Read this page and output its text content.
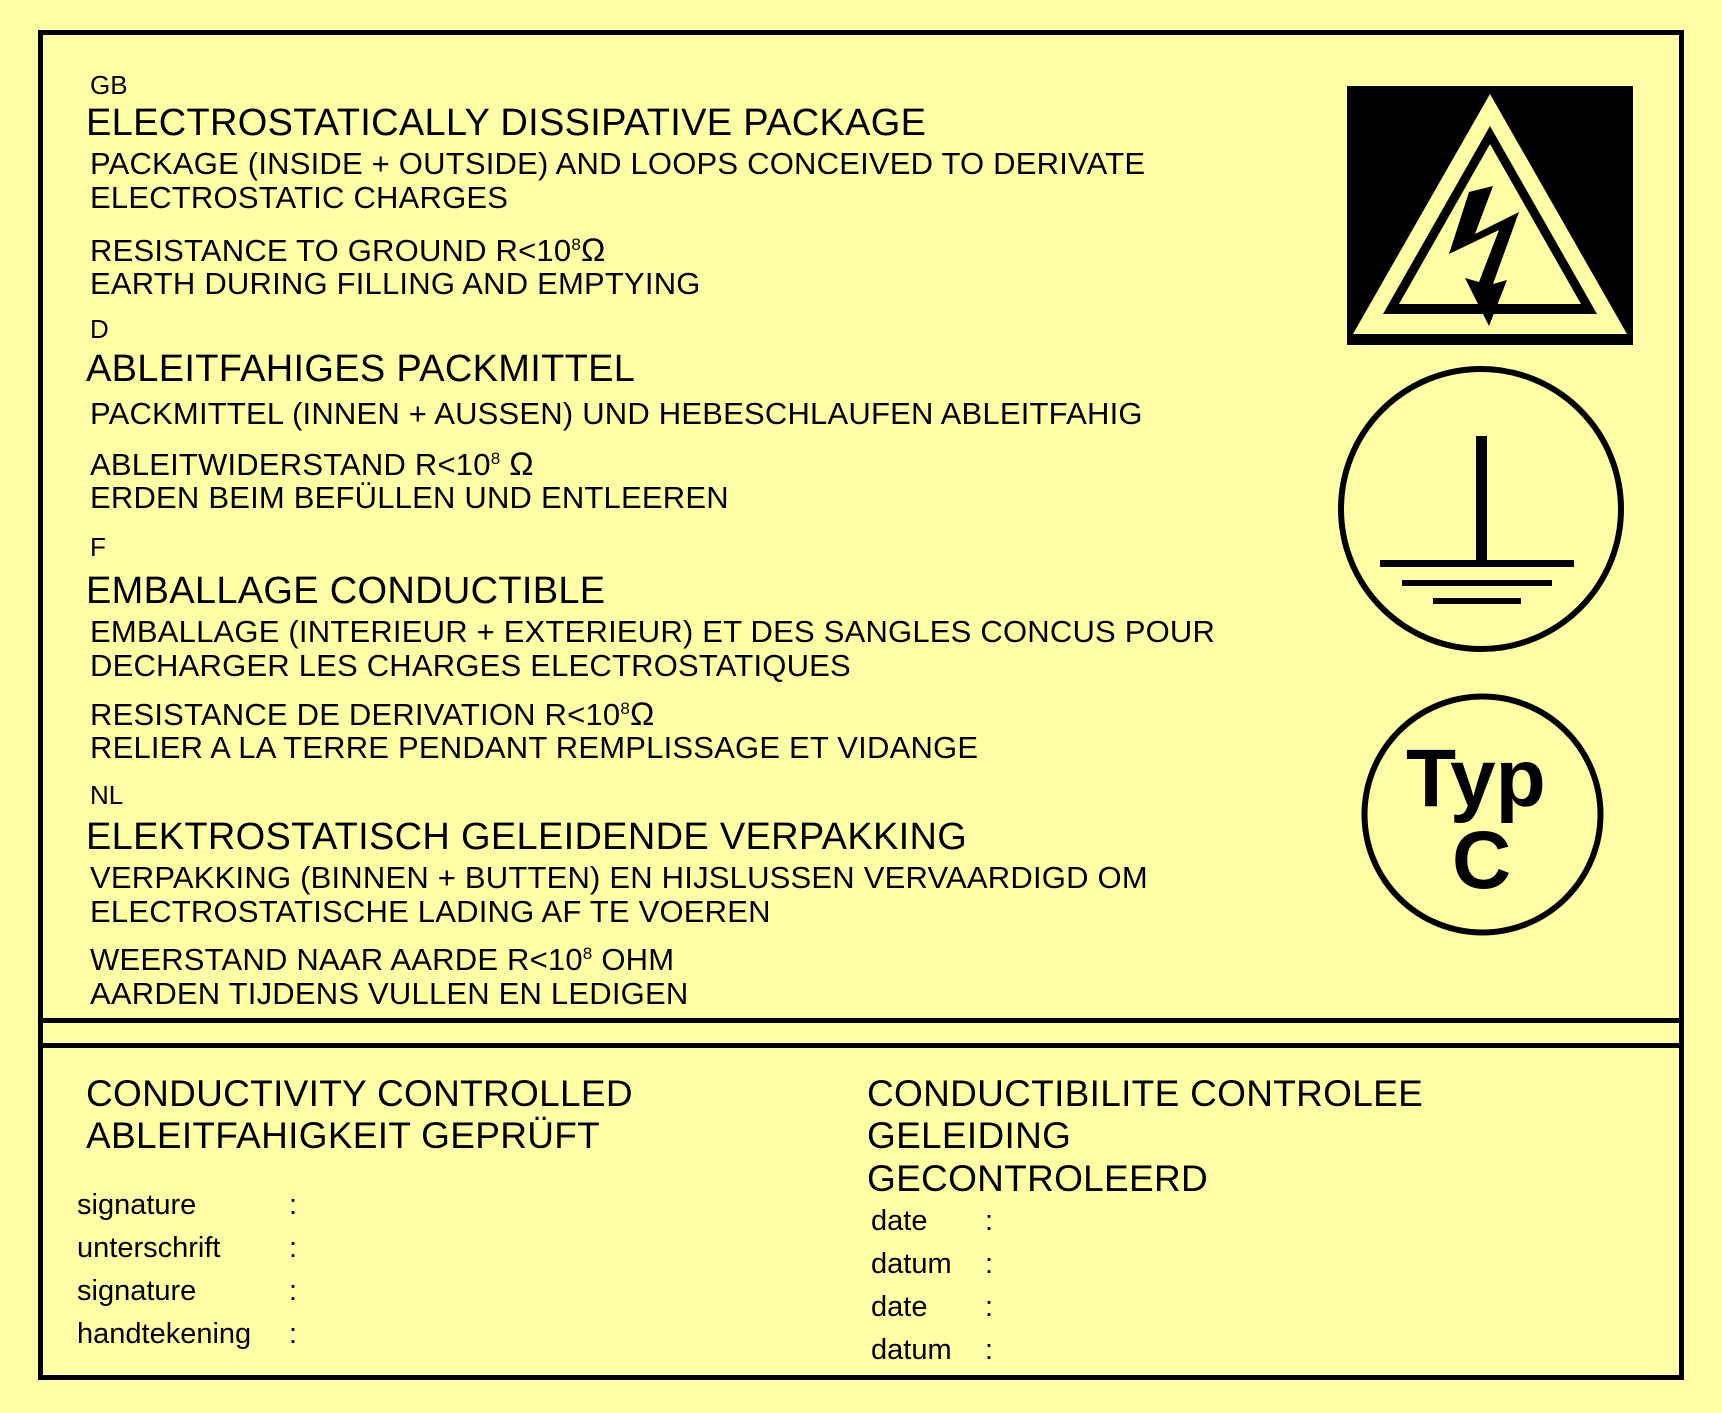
GB
ELECTROSTATICALLY DISSIPATIVE PACKAGE
PACKAGE (INSIDE + OUTSIDE) AND LOOPS CONCEIVED TO DERIVATE
ELECTROSTATIC CHARGES
RESISTANCE TO GROUND $R<10^8\Omega$
EARTH DURING FILLING AND EMPTYING
D
ABLEITFAHIGES PACKMITTEL
PACKMITTEL (INNEN + AUSSEN) UND HEBESCHLAUFEN ABLEITFAHIG
ABLEITWIDERSTAND $R<10^8$ Ω
ERDEN BEIM BEFÜLLEN UND ENTLEEREN
F
EMBALLAGE CONDUCTIBLE
EMBALLAGE (INTERIEUR + EXTERIEUR) ET DES SANGLES CONCUS POUR
DECHARGER LES CHARGES ELECTROSTATIQUES
RESISTANCE DE DERIVATION $R<10^8\Omega$
RELIER A LA TERRE PENDANT REMPLISSAGE ET VIDANGE
NL
ELEKTROSTATISCH GELEIDENDE VERPAKKING
VERPAKKING (BINNEN + BUTTEN) EN HIJSLUSSEN VERVAARDIGD OM
ELECTROSTATISCHE LADING AF TE VOEREN
WEERSTAND NAAR AARDE $R<10^8$ OHM
AARDEN TIJDENS VULLEN EN LEDIGEN
Typ
C
CONDUCTIVITY CONTROLLED
ABLEITFAHIGKEIT GEPRÜFT
CONDUCTIBILITE CONTROLEE
GELEIDING
GECONTROLEERD
signature	:
unterschrift :
signature	:
handtekening :
date :
datum :
date :
datum :
